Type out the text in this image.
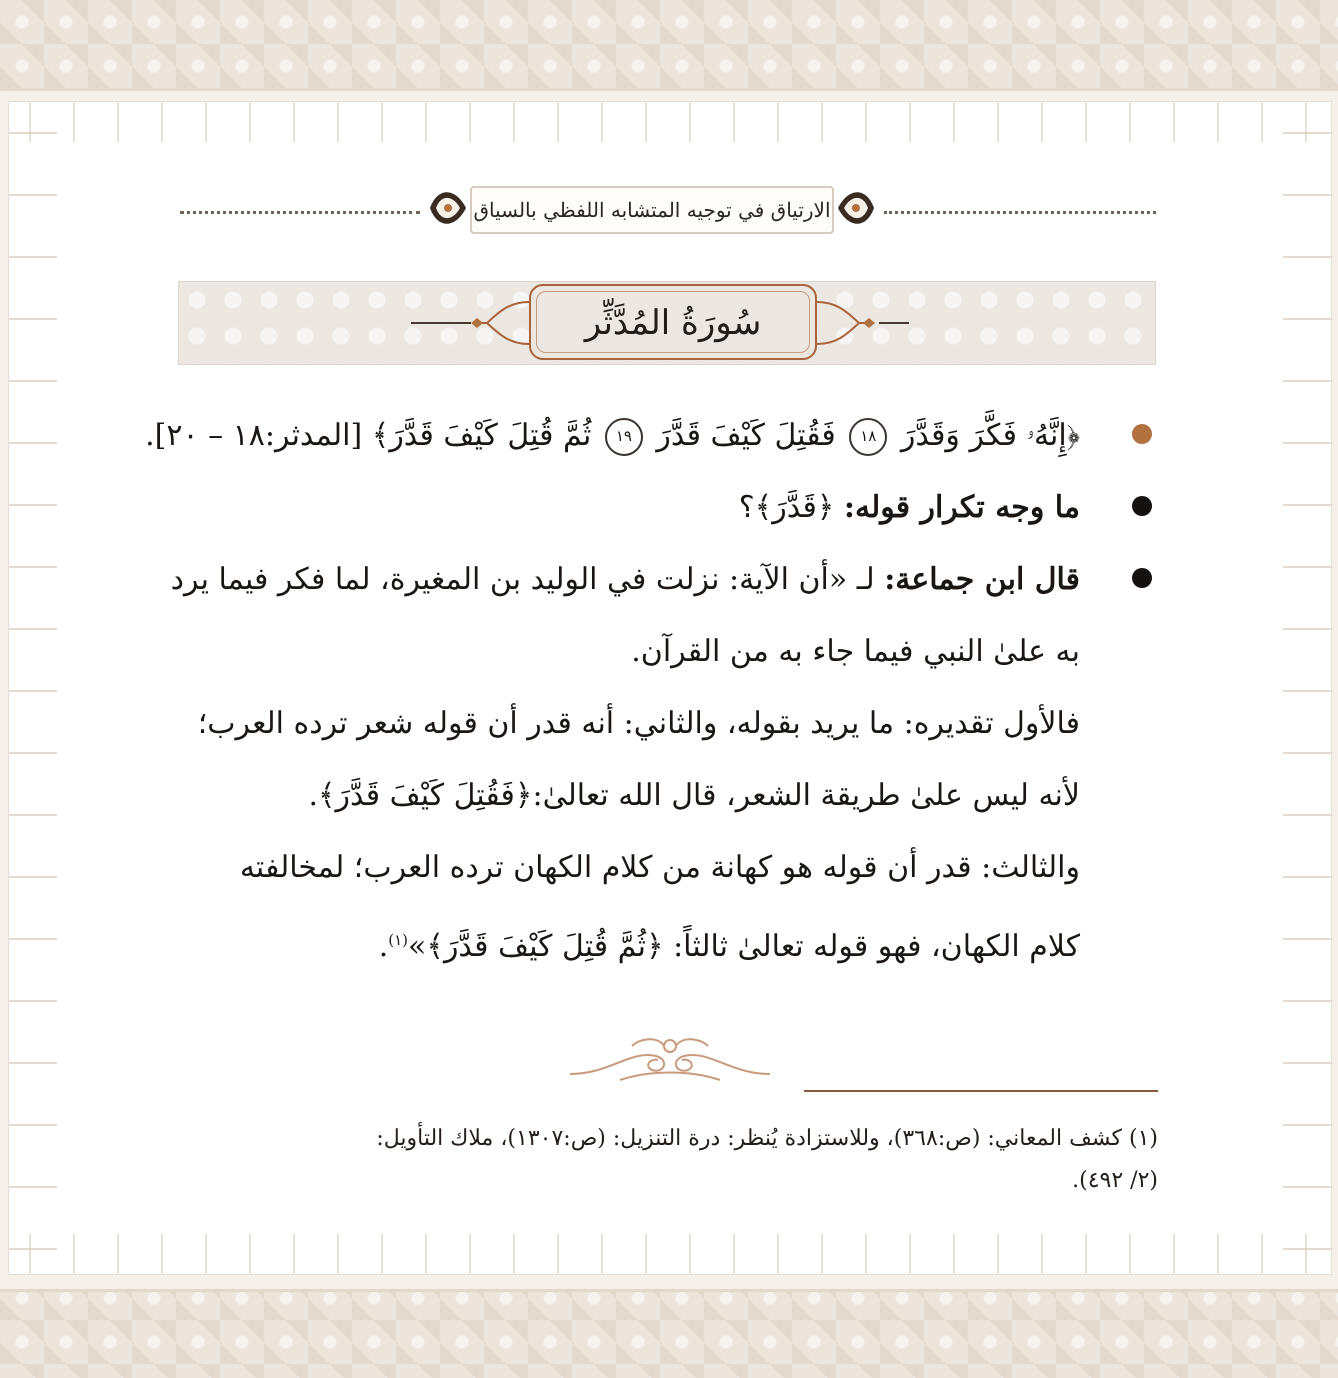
الارتياق في توجيه المتشابه اللفظي بالسياق
سُورَةُ المُدَّثِّر
﴿إِنَّهُۥ فَكَّرَ وَقَدَّرَ ١٨ فَقُتِلَ كَيْفَ قَدَّرَ ١٩ ثُمَّ قُتِلَ كَيْفَ قَدَّرَ﴾ [المدثر:١٨ – ٢٠].
ما وجه تكرار قوله: ﴿قَدَّرَ﴾؟
قال ابن جماعة: لـ «أن الآية: نزلت في الوليد بن المغيرة، لما فكر فيما يرد
به علىٰ النبي فيما جاء به من القرآن.
فالأول تقديره: ما يريد بقوله، والثاني: أنه قدر أن قوله شعر ترده العرب؛
لأنه ليس علىٰ طريقة الشعر، قال الله تعالىٰ:﴿فَقُتِلَ كَيْفَ قَدَّرَ﴾.
والثالث: قدر أن قوله هو كهانة من كلام الكهان ترده العرب؛ لمخالفته
كلام الكهان، فهو قوله تعالىٰ ثالثاً: ﴿ثُمَّ قُتِلَ كَيْفَ قَدَّرَ﴾»$^{(١)}$.
(١) كشف المعاني: (ص:٣٦٨)، وللاستزادة يُنظر: درة التنزيل: (ص:١٣٠٧)، ملاك التأويل:
(٢/ ٤٩٢).
